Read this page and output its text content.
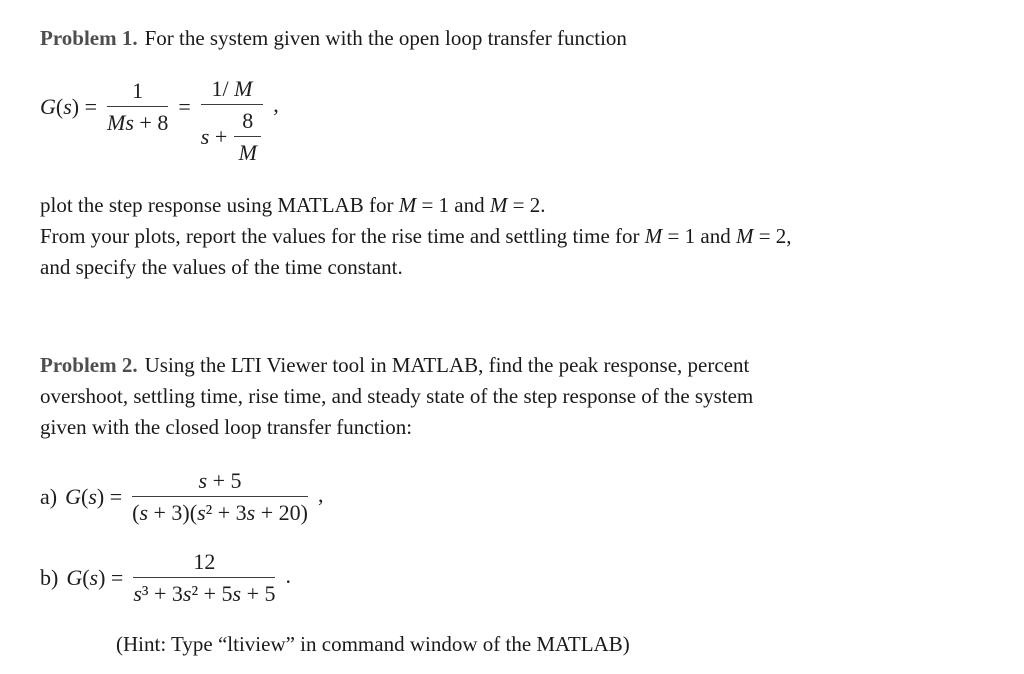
Problem 1. For the system given with the open loop transfer function
$G(s) = \frac{1}{Ms + 8} = \frac{1/ M}{s + \frac{8}{M}}$ ,
plot the step response using MATLAB for M = 1 and M = 2.
From your plots, report the values for the rise time and settling time for M = 1 and M = 2,
and specify the values of the time constant.
Problem 2. Using the LTI Viewer tool in MATLAB, find the peak response, percent
overshoot, settling time, rise time, and steady state of the step response of the system
given with the closed loop transfer function:
a) $G(s) = \frac{s + 5}{\text{(s + 3)(s² + 3s + 20)}}$ ,
b) $G(s) = \frac{12}{\text{s³ + 3s² + 5s + 5}}$ .
(Hint: Type “ltiview” in command window of the MATLAB)
